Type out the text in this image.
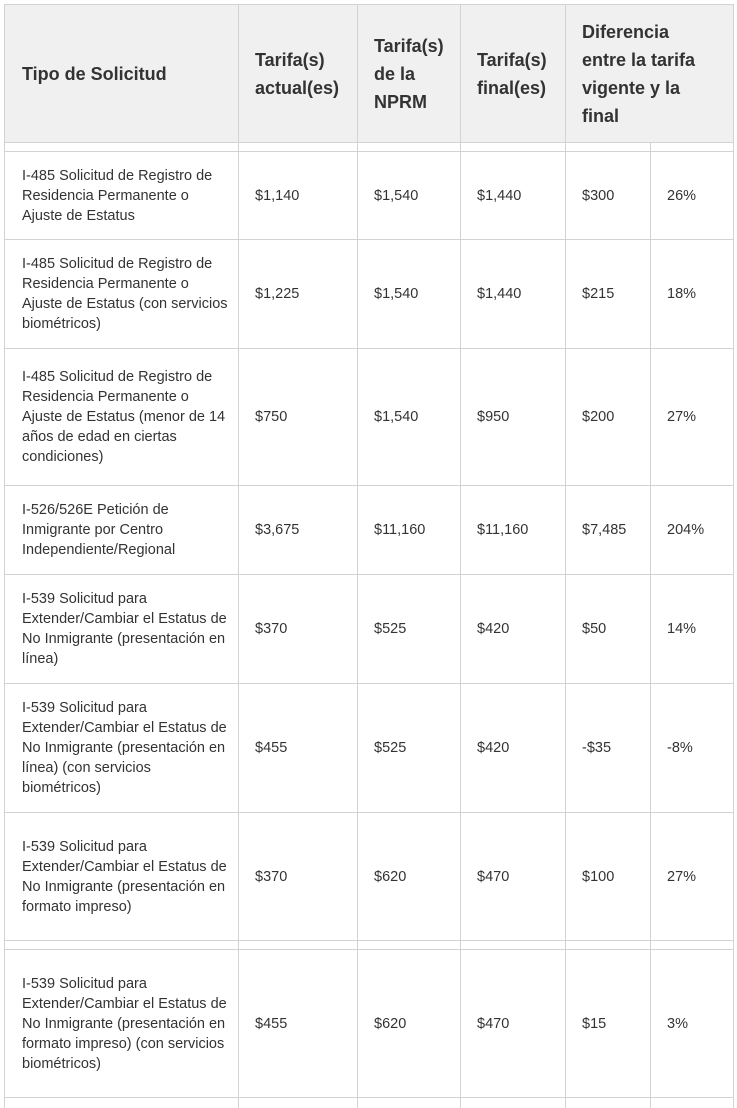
Tipo de Solicitud	Tarifa(s) actual(es)	Tarifa(s) de la NPRM	Tarifa(s) final(es)	Diferencia entre la tarifa vigente y la final	

I-485 Solicitud de Registro de Residencia Permanente o Ajuste de Estatus	$1,140	$1,540	$1,440	$300	26%
I-485 Solicitud de Registro de Residencia Permanente o Ajuste de Estatus (con servicios biométricos)	$1,225	$1,540	$1,440	$215	18%
I-485 Solicitud de Registro de Residencia Permanente o Ajuste de Estatus (menor de 14 años de edad en ciertas condiciones)	$750	$1,540	$950	$200	27%
I-526/526E Petición de Inmigrante por Centro Independiente/Regional	$3,675	$11,160	$11,160	$7,485	204%
I-539 Solicitud para Extender/Cambiar el Estatus de No Inmigrante (presentación en línea)	$370	$525	$420	$50	14%
I-539 Solicitud para Extender/Cambiar el Estatus de No Inmigrante (presentación en línea) (con servicios biométricos)	$455	$525	$420	-$35	-8%
I-539 Solicitud para Extender/Cambiar el Estatus de No Inmigrante (presentación en formato impreso)	$370	$620	$470	$100	27%

I-539 Solicitud para Extender/Cambiar el Estatus de No Inmigrante (presentación en formato impreso) (con servicios biométricos)	$455	$620	$470	$15	3%
